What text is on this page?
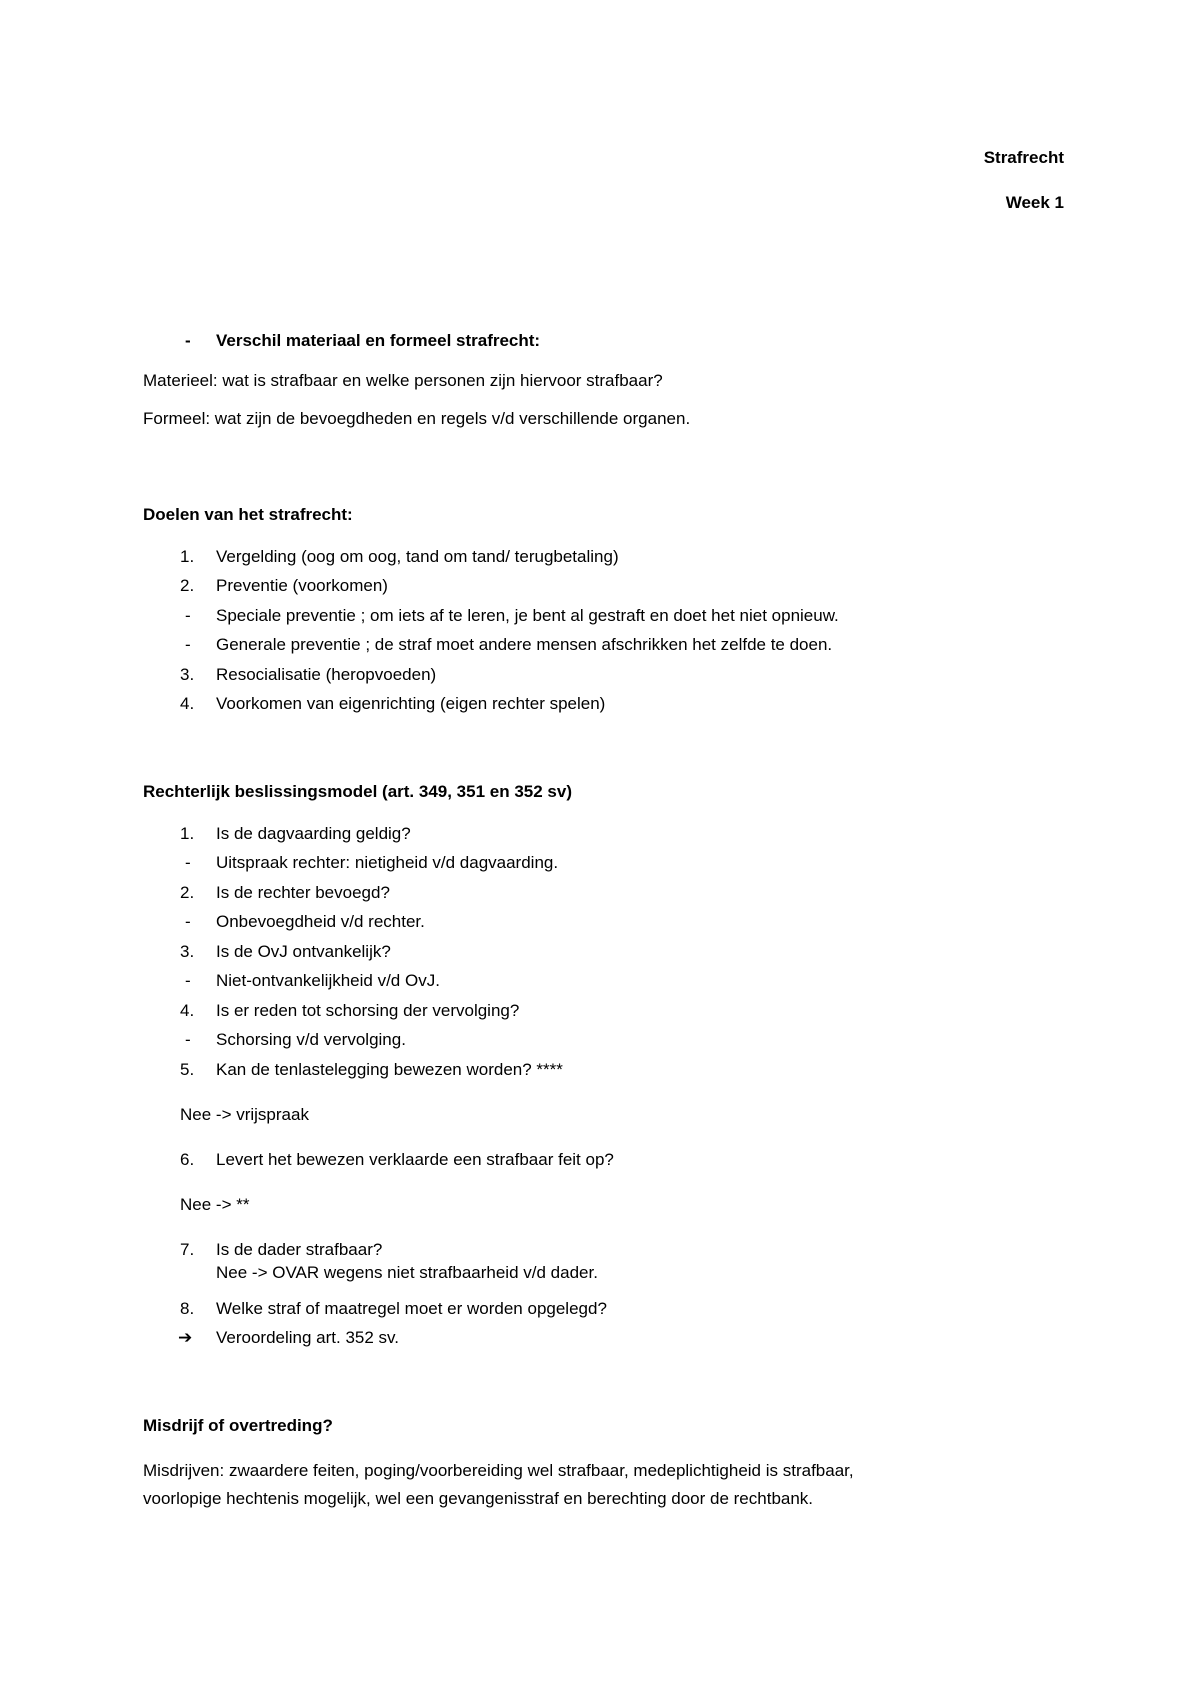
Strafrecht
Week 1
- Verschil materiaal en formeel strafrecht:

Materieel: wat is strafbaar en welke personen zijn hiervoor strafbaar?

Formeel: wat zijn de bevoegdheden en regels v/d verschillende organen.

Doelen van het strafrecht:

1. Vergelding (oog om oog, tand om tand/ terugbetaling)
2. Preventie (voorkomen)
- Speciale preventie ; om iets af te leren, je bent al gestraft en doet het niet opnieuw.
- Generale preventie ; de straf moet andere mensen afschrikken het zelfde te doen.
3. Resocialisatie (heropvoeden)
4. Voorkomen van eigenrichting (eigen rechter spelen)

Rechterlijk beslissingsmodel (art. 349, 351 en 352 sv)

1. Is de dagvaarding geldig?
- Uitspraak rechter: nietigheid v/d dagvaarding.
2. Is de rechter bevoegd?
- Onbevoegdheid v/d rechter.
3. Is de OvJ ontvankelijk?
- Niet-ontvankelijkheid v/d OvJ.
4. Is er reden tot schorsing der vervolging?
- Schorsing v/d vervolging.
5. Kan de tenlastelegging bewezen worden? ****
Nee -> vrijspraak
6. Levert het bewezen verklaarde een strafbaar feit op?
Nee -> **
7. Is de dader strafbaar?
Nee -> OVAR wegens niet strafbaarheid v/d dader.
8. Welke straf of maatregel moet er worden opgelegd?
➔ Veroordeling art. 352 sv.

Misdrijf of overtreding?

Misdrijven: zwaardere feiten, poging/voorbereiding wel strafbaar, medeplichtigheid is strafbaar,
voorlopige hechtenis mogelijk, wel een gevangenisstraf en berechting door de rechtbank.
